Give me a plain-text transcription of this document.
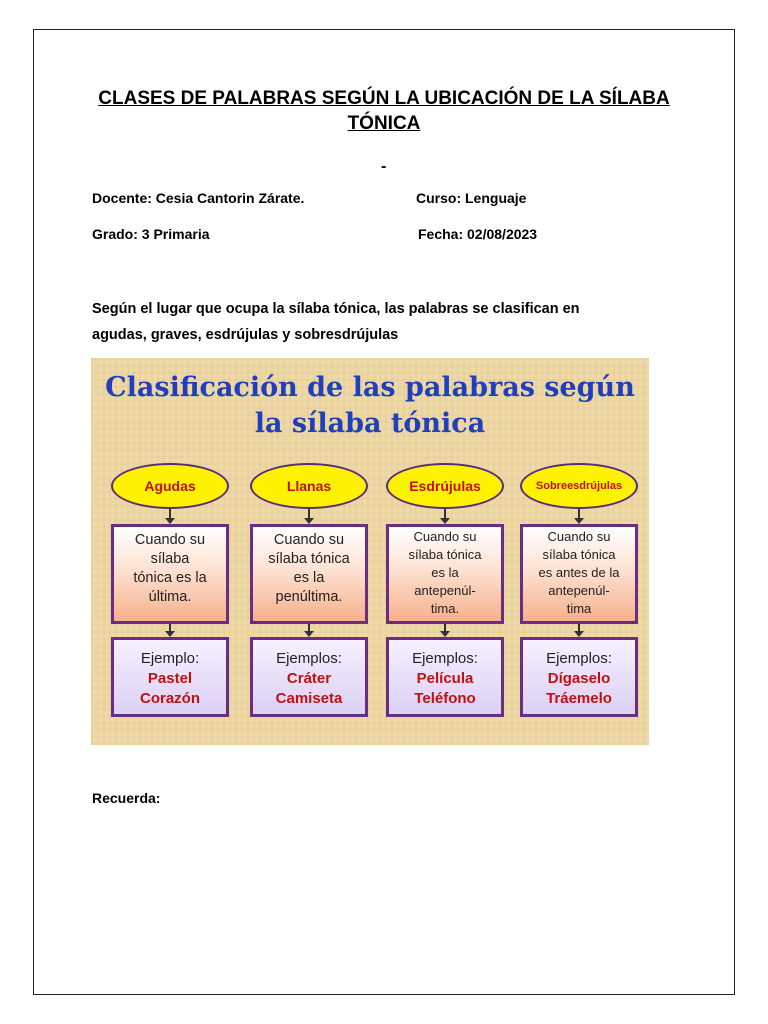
CLASES DE PALABRAS SEGÚN LA UBICACIÓN DE LA SÍLABA TÓNICA
-
Docente: Cesia Cantorin Zárate.	Curso: Lenguaje
Grado: 3 Primaria	Fecha: 02/08/2023

Según el lugar que ocupa la sílaba tónica, las palabras se clasifican en agudas, graves, esdrújulas y sobresdrújulas

Clasificación de las palabras según la sílaba tónica
Agudas
Cuando su
sílaba
tónica es la
última.
Ejemplo:
Pastel
Corazón
Llanas
Cuando su
sílaba tónica
es la
penúltima.
Ejemplos:
Cráter
Camiseta
Esdrújulas
Cuando su
sílaba tónica
es la
antepenúl-
tima.
Ejemplos:
Película
Teléfono
Sobreesdrújulas
Cuando su
sílaba tónica
es antes de la
antepenúl-
tima
Ejemplos:
Dígaselo
Tráemelo
Recuerda:
